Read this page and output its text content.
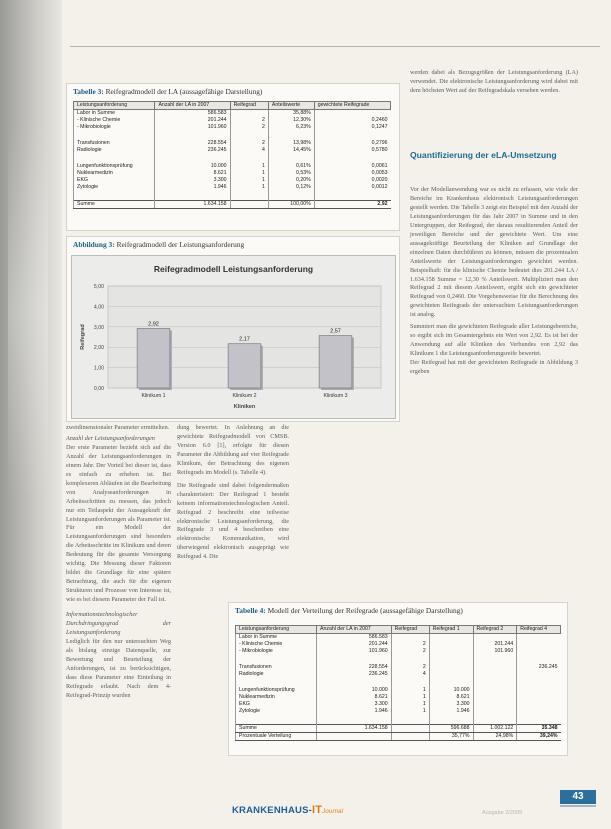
Tabelle 3: Reifegradmodell der LA (aussagefähige Darstellung)
Leistungsanforderung	Anzahl der LA in 2007	Reifegrad	Anteilswerte	gewichtete Reifegrade
Labor in Summe	586.583		35,88%	
- Klinische Chemie	201.244	2	12,30%	0,2460
- Mikrobiologie	101.960	2	6,23%	0,1247

Transfusionen	228.554	2	13,98%	0,2796
Radiologie	236.245	4	14,45%	0,5780

Lungenfunktionsprüfung	10.000	1	0,61%	0,0061
Nuklearmedizin	8.621	1	0,53%	0,0053
EKG	3.300	1	0,20%	0,0020
Zytologie	1.946	1	0,12%	0,0012

Summe	1.634.158		100,00%	2,92
Abbildung 3: Reifegradmodell der Leistungsanforderung
Reifegradmodell Leistungsanforderung
0,00
1,00
2,00
3,00
4,00
5,00
Reifegrad	2,92
Klinikum 1
2,17
Klinikum 2
2,57
Klinikum 3
Kliniken

zweidimensionaler Parameter ermittelten.

Anzahl der Leistungsanforderungen

Der erste Parameter bezieht sich auf die Anzahl der Leistungsanforderungen in einem Jahr. Der Vorteil bei dieser ist, dass es einfach zu erheben ist. Bei komplexeren Abläufen ist die Bearbeitung von Analyseanforderungen in Arbeitsschritten zu messen, das jedoch nur ein Teilaspekt der Aussagekraft der Leistungsanforderungen als Parameter ist. Für ein Modell der Leistungsanforderungen sind besonders die Arbeitsschritte im Klinikum und deren Bedeutung für die gesamte Versorgung wichtig. Die Messung dieser Faktoren bildet die Grundlage für eine spätere Betrachtung, die auch für die eigenen Strukturen und Prozesse von Interesse ist, wie es bei diesem Parameter der Fall ist.

Informationstechnologischer Durchdringungsgrad der Leistungsanforderung

Lediglich für den nur untersuchten Weg als bislang einzige Datenquelle, zur Bewertung und Beurteilung der Anforderungen, ist zu berücksichtigen, dass diese Parameter eine Einteilung in Reifegrade erlaubt. Nach dem 4-Reifegrad-Prinzip wurden

dung bewertet. In Anlehnung an die gewichtete Reifegradmodell von CMSB. Version 6.0 [1], erfolgte für diesen Parameter die Abbildung auf vier Reifegrade Klinikum, der Betrachtung des eigenen Reifegrads im Modell (s. Tabelle 4).

Die Reifegrade sind dabei folgendermaßen charakterisiert: Der Reifegrad 1 besteht keinem informationstechnologischen Anteil. Reifegrad 2 beschreibt eine teilweise elektronische Leistungsanforderung, die Reifegrade 3 und 4 beschreiben eine elektronische Kommunikation, wird überwiegend elektronisch ausgeprägt wie Reifegrad 4. Die

werden dabei als Bezugsgrößen der Leistungsanforderung (LA) verwendet. Die elektronische Leistungsanforderung wird dabei mit dem höchsten Wert auf der Reifegradskala versehen werden.

Quantifizierung der eLA-Umsetzung

Vor der Modellanwendung war es nicht zu erfassen, wie viele der Bereiche im Krankenhaus elektronisch Leistungsanforderungen gestellt werden. Die Tabelle 3 zeigt ein Beispiel mit den Anzahl der Leistungsanforderungen für das Jahr 2007 in Summe und in den Untergruppen, der Reifegrad, der daraus resultierenden Anteil der jeweiligen Bereiche und der gewichtete Wert. Um eine aussagekräftige Beurteilung der Kliniken auf Grundlage der einzelnen Daten durchführen zu können, müssen die prozentualen Anteilswerte der Leistungsanforderungen gewichtet werden. Beispielhaft: für die klinische Chemie bedeutet dies 201.244 LA / 1.634.158 Summe = 12,30 % Anteilswert. Multipliziert man den Reifegrad 2 mit diesem Anteilswert, ergibt sich ein gewichteter Reifegrad von 0,2460. Die Vorgehensweise für die Berechnung des gewichteten Reifegrads der untersuchten Leistungsanforderungen ist analog.

Summiert man die gewichteten Reifegrade aller Leistungsbereiche, so ergibt sich im Gesamtergebnis ein Wert von 2,92. Es ist bei der Anwendung auf alle Kliniken des Verbundes von 2,92 das Klinikum 1 die Leistungsanforderungsreife bewertet.

Der Reifegrad hat mit der gewichteten Reifegrade in Abbildung 3 ergeben

Tabelle 4: Modell der Verteilung der Reifegrade (aussagefähige Darstellung)
Leistungsanforderung	Anzahl der LA in 2007	Reifegrad	Reifegrad 1	Reifegrad 2	Reifegrad 4
Labor in Summe	586.583				
- Klinische Chemie	201.244	2		201.244	
- Mikrobiologie	101.960	2		101.960	

Transfusionen	228.554	2			236.245
Radiologie	236.245	4			

Lungenfunktionsprüfung	10.000	1	10.000		
Nuklearmedizin	8.621	1	8.621		
EKG	3.300	1	3.300		
Zytologie	1.946	1	1.946		

Summe	1.634.158		596.688	1.002.122	35.348
Prozentuale Verteilung			35,77%	24,98%	39,24%
KRANKENHAUS-ITJournal	Ausgabe 2/2009
43
